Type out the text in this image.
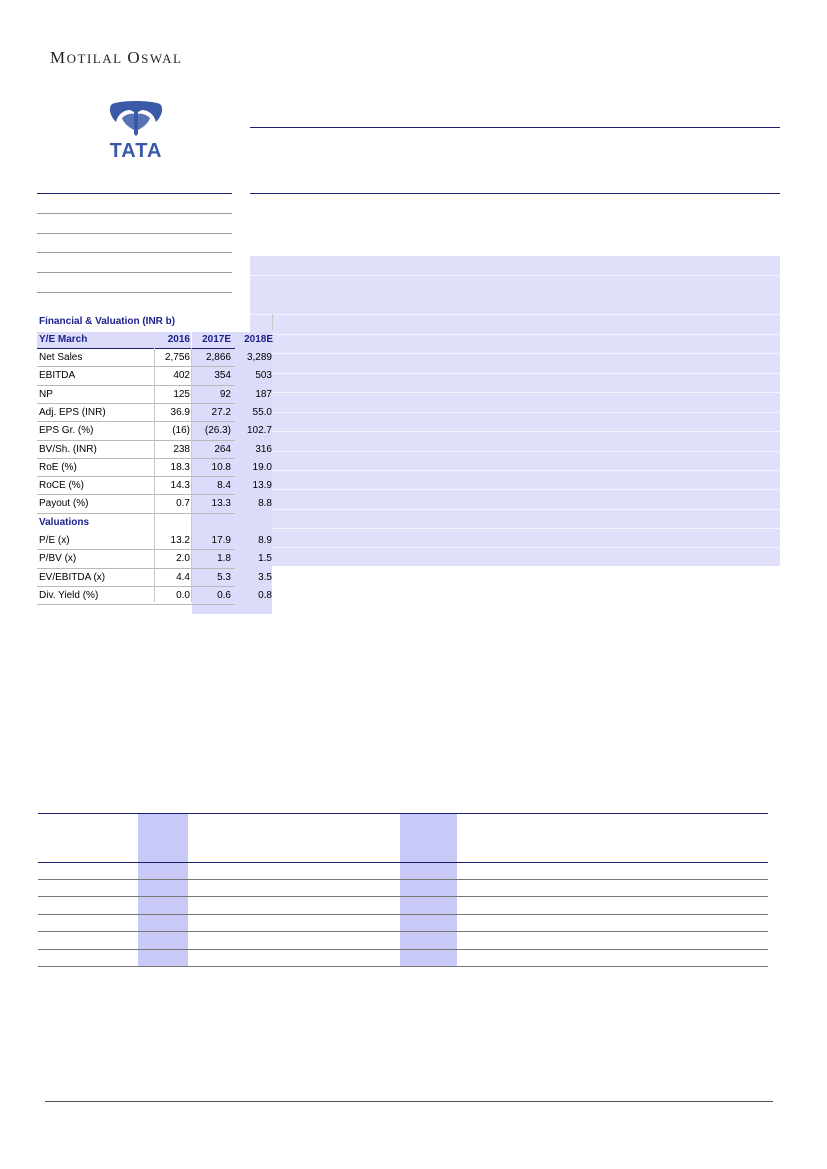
MOTILAL OSWAL
TATA
Financial & Valuation (INR b)
Y/E March	2016	2017E	2018E
Net Sales	2,756	2,866	3,289
EBITDA	402	354	503
NP	125	92	187
Adj. EPS (INR)	36.9	27.2	55.0
EPS Gr. (%)	(16)	(26.3)	102.7
BV/Sh. (INR)	238	264	316
RoE (%)	18.3	10.8	19.0
RoCE (%)	14.3	8.4	13.9
Payout (%)	0.7	13.3	8.8
Valuations
P/E (x)	13.2	17.9	8.9
P/BV (x)	2.0	1.8	1.5
EV/EBITDA (x)	4.4	5.3	3.5
Div. Yield (%)	0.0	0.6	0.8
